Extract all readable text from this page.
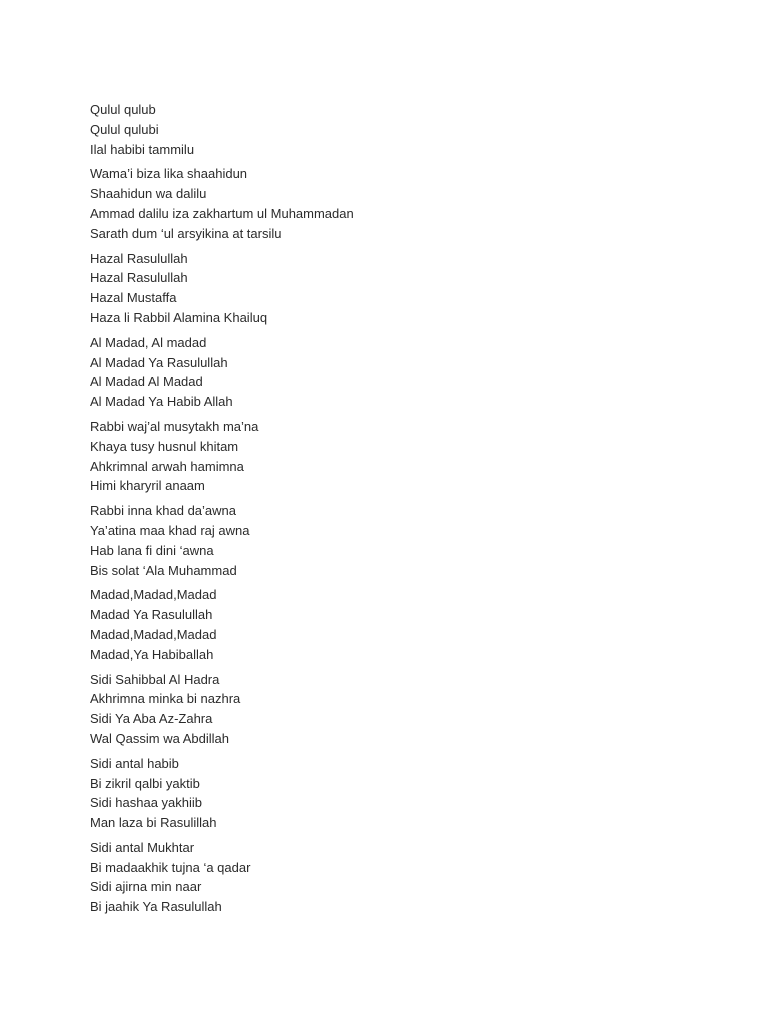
Qulul qulub
Qulul qulubi
Ilal habibi tammilu
Wama’i biza lika shaahidun
Shaahidun wa dalilu
Ammad dalilu iza zakhartum ul Muhammadan
Sarath dum ‘ul arsyikina at tarsilu
Hazal Rasulullah
Hazal Rasulullah
Hazal Mustaffa
Haza li Rabbil Alamina Khailuq
Al Madad, Al madad
Al Madad Ya Rasulullah
Al Madad Al Madad
Al Madad Ya Habib Allah
Rabbi waj’al musytakh ma’na
Khaya tusy husnul khitam
Ahkrimnal arwah hamimna
Himi kharyril anaam
Rabbi inna khad da’awna
Ya’atina maa khad raj awna
Hab lana fi dini ‘awna
Bis solat ‘Ala Muhammad
Madad,Madad,Madad
Madad Ya Rasulullah
Madad,Madad,Madad
Madad,Ya Habiballah
Sidi Sahibbal Al Hadra
Akhrimna minka bi nazhra
Sidi Ya Aba Az-Zahra
Wal Qassim wa Abdillah
Sidi antal habib
Bi zikril qalbi yaktib
Sidi hashaa yakhiib
Man laza bi Rasulillah
Sidi antal Mukhtar
Bi madaakhik tujna ‘a qadar
Sidi ajirna min naar
Bi jaahik Ya Rasulullah
